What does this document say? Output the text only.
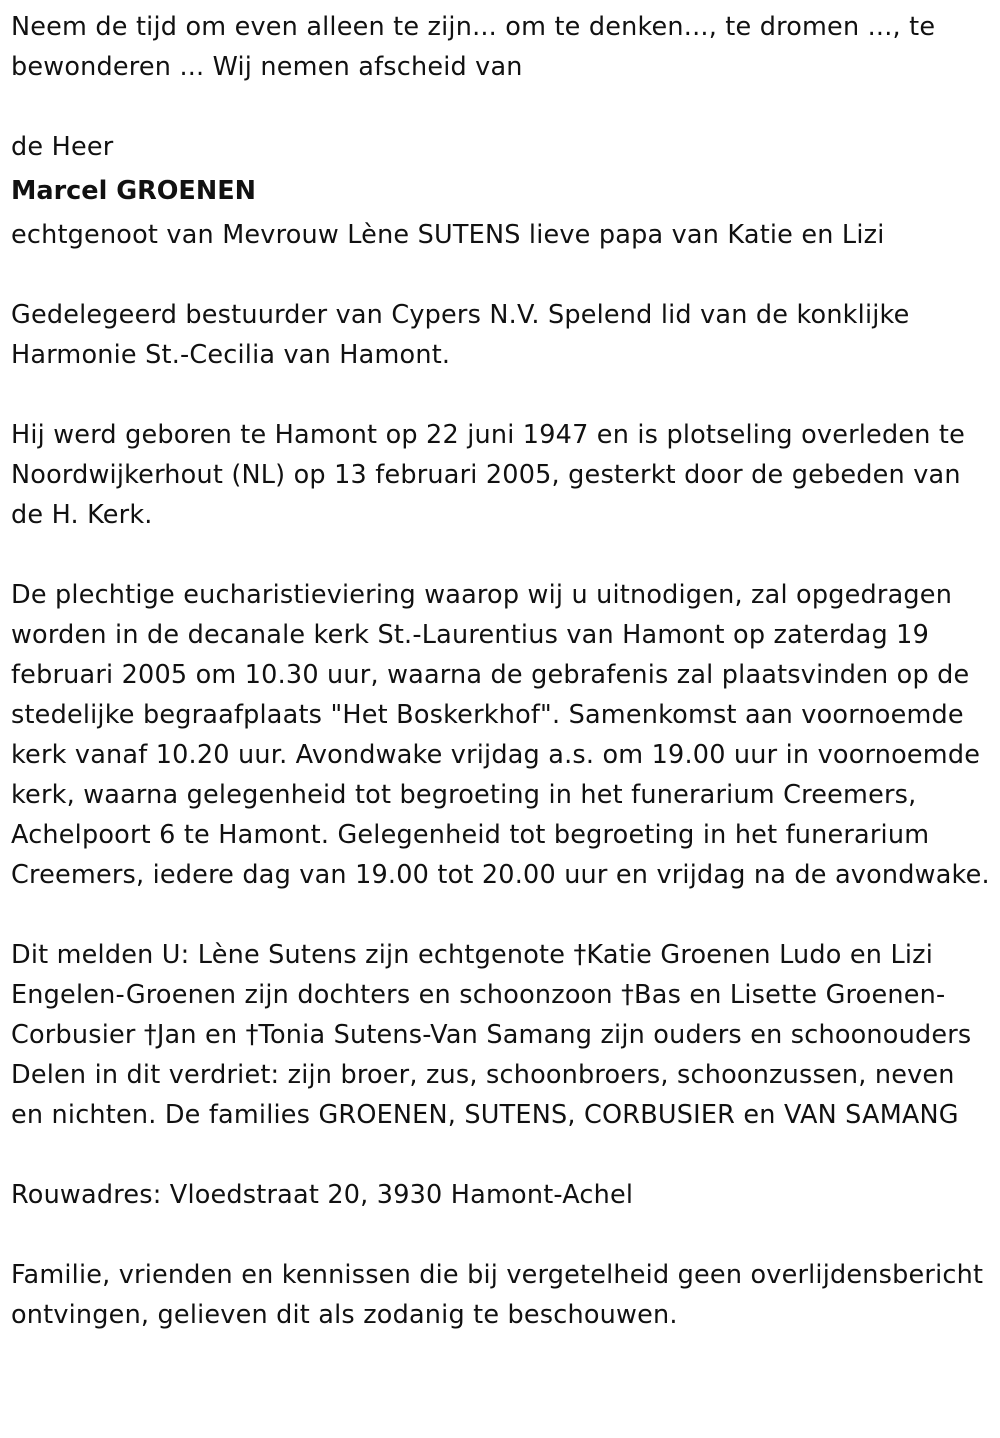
Neem de tijd om even alleen te zijn... om te denken..., te dromen ..., te bewonderen ... Wij nemen afscheid van

de Heer

Marcel GROENEN

echtgenoot van Mevrouw Lène SUTENS lieve papa van Katie en Lizi

Gedelegeerd bestuurder van Cypers N.V. Spelend lid van de konklijke Harmonie St.-Cecilia van Hamont.

Hij werd geboren te Hamont op 22 juni 1947 en is plotseling overleden te Noordwijkerhout (NL) op 13 februari 2005, gesterkt door de gebeden van de H. Kerk.

De plechtige eucharistieviering waarop wij u uitnodigen, zal opgedragen worden in de decanale kerk St.-Laurentius van Hamont op zaterdag 19 februari 2005 om 10.30 uur, waarna de gebrafenis zal plaatsvinden op de stedelijke begraafplaats "Het Boskerkhof". Samenkomst aan voornoemde kerk vanaf 10.20 uur. Avondwake vrijdag a.s. om 19.00 uur in voornoemde kerk, waarna gelegenheid tot begroeting in het funerarium Creemers, Achelpoort 6 te Hamont. Gelegenheid tot begroeting in het funerarium Creemers, iedere dag van 19.00 tot 20.00 uur en vrijdag na de avondwake.

Dit melden U: Lène Sutens zijn echtgenote †Katie Groenen Ludo en Lizi Engelen-Groenen zijn dochters en schoonzoon †Bas en Lisette Groenen-Corbusier †Jan en †Tonia Sutens-Van Samang zijn ouders en schoonouders Delen in dit verdriet: zijn broer, zus, schoonbroers, schoonzussen, neven en nichten. De families GROENEN, SUTENS, CORBUSIER en VAN SAMANG

Rouwadres: Vloedstraat 20, 3930 Hamont-Achel

Familie, vrienden en kennissen die bij vergetelheid geen overlijdensbericht ontvingen, gelieven dit als zodanig te beschouwen.
